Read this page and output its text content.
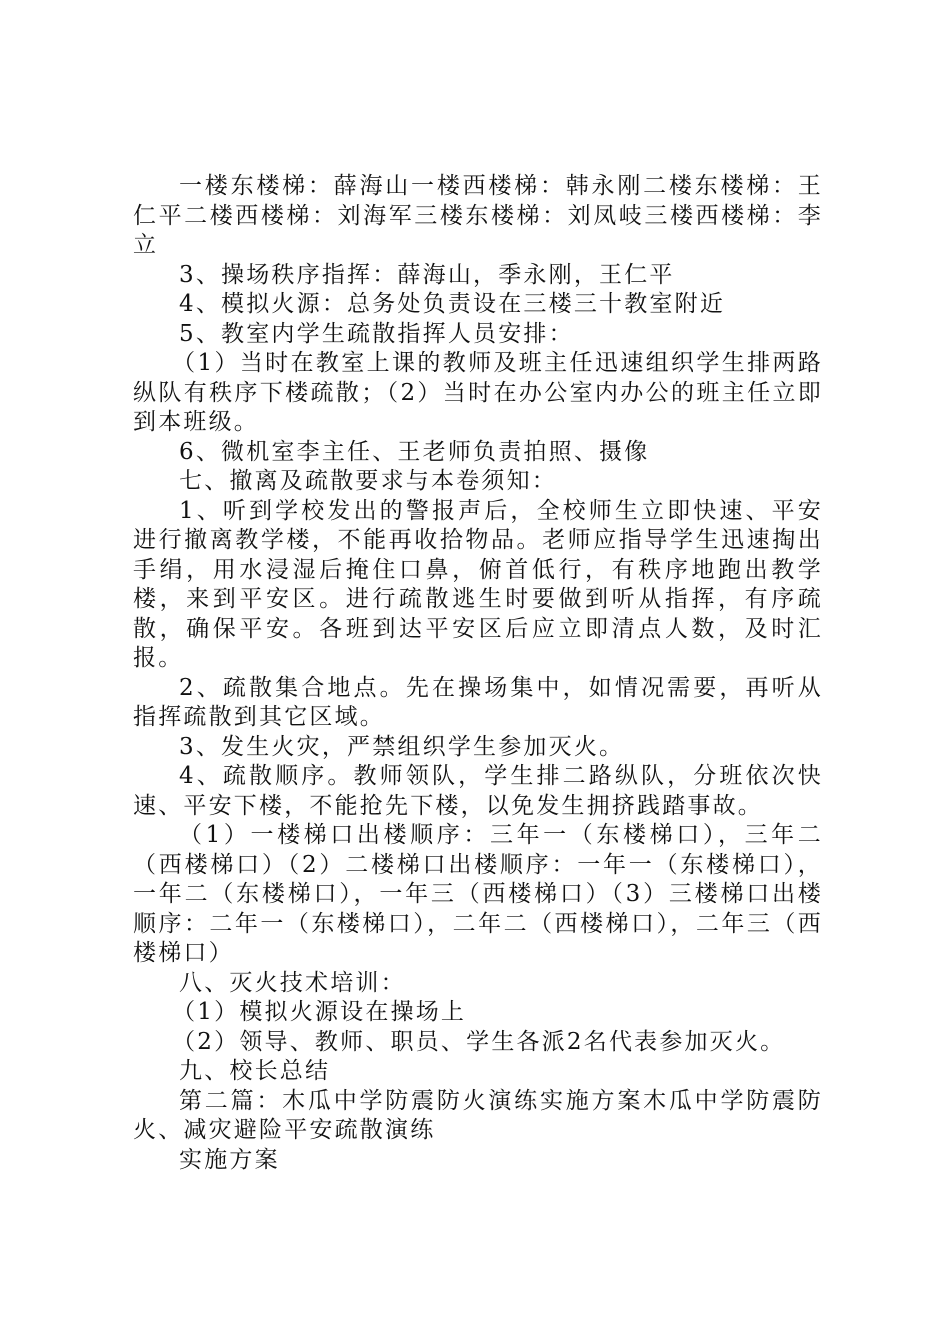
一楼东楼梯：薛海山一楼西楼梯：韩永刚二楼东楼梯：王仁平二楼西楼梯：刘海军三楼东楼梯：刘凤岐三楼西楼梯：李立

3、操场秩序指挥：薛海山，季永刚，王仁平

4、模拟火源：总务处负责设在三楼三十教室附近

5、教室内学生疏散指挥人员安排：

（1）当时在教室上课的教师及班主任迅速组织学生排两路纵队有秩序下楼疏散；（2）当时在办公室内办公的班主任立即到本班级。

6、微机室李主任、王老师负责拍照、摄像

七、撤离及疏散要求与本卷须知：

1、听到学校发出的警报声后，全校师生立即快速、平安进行撤离教学楼，不能再收拾物品。老师应指导学生迅速掏出手绢，用水浸湿后掩住口鼻，俯首低行，有秩序地跑出教学楼，来到平安区。进行疏散逃生时要做到听从指挥，有序疏散，确保平安。各班到达平安区后应立即清点人数，及时汇报。

2、疏散集合地点。先在操场集中，如情况需要，再听从指挥疏散到其它区域。

3、发生火灾，严禁组织学生参加灭火。

4、疏散顺序。教师领队，学生排二路纵队，分班依次快速、平安下楼，不能抢先下楼，以免发生拥挤践踏事故。

（1）一楼梯口出楼顺序：三年一（东楼梯口），三年二（西楼梯口）（2）二楼梯口出楼顺序：一年一（东楼梯口），一年二（东楼梯口），一年三（西楼梯口）（3）三楼梯口出楼顺序：二年一（东楼梯口），二年二（西楼梯口），二年三（西楼梯口）

八、灭火技术培训：

（1）模拟火源设在操场上

（2）领导、教师、职员、学生各派2名代表参加灭火。

九、校长总结

第二篇：木瓜中学防震防火演练实施方案木瓜中学防震防火、减灾避险平安疏散演练

实施方案
